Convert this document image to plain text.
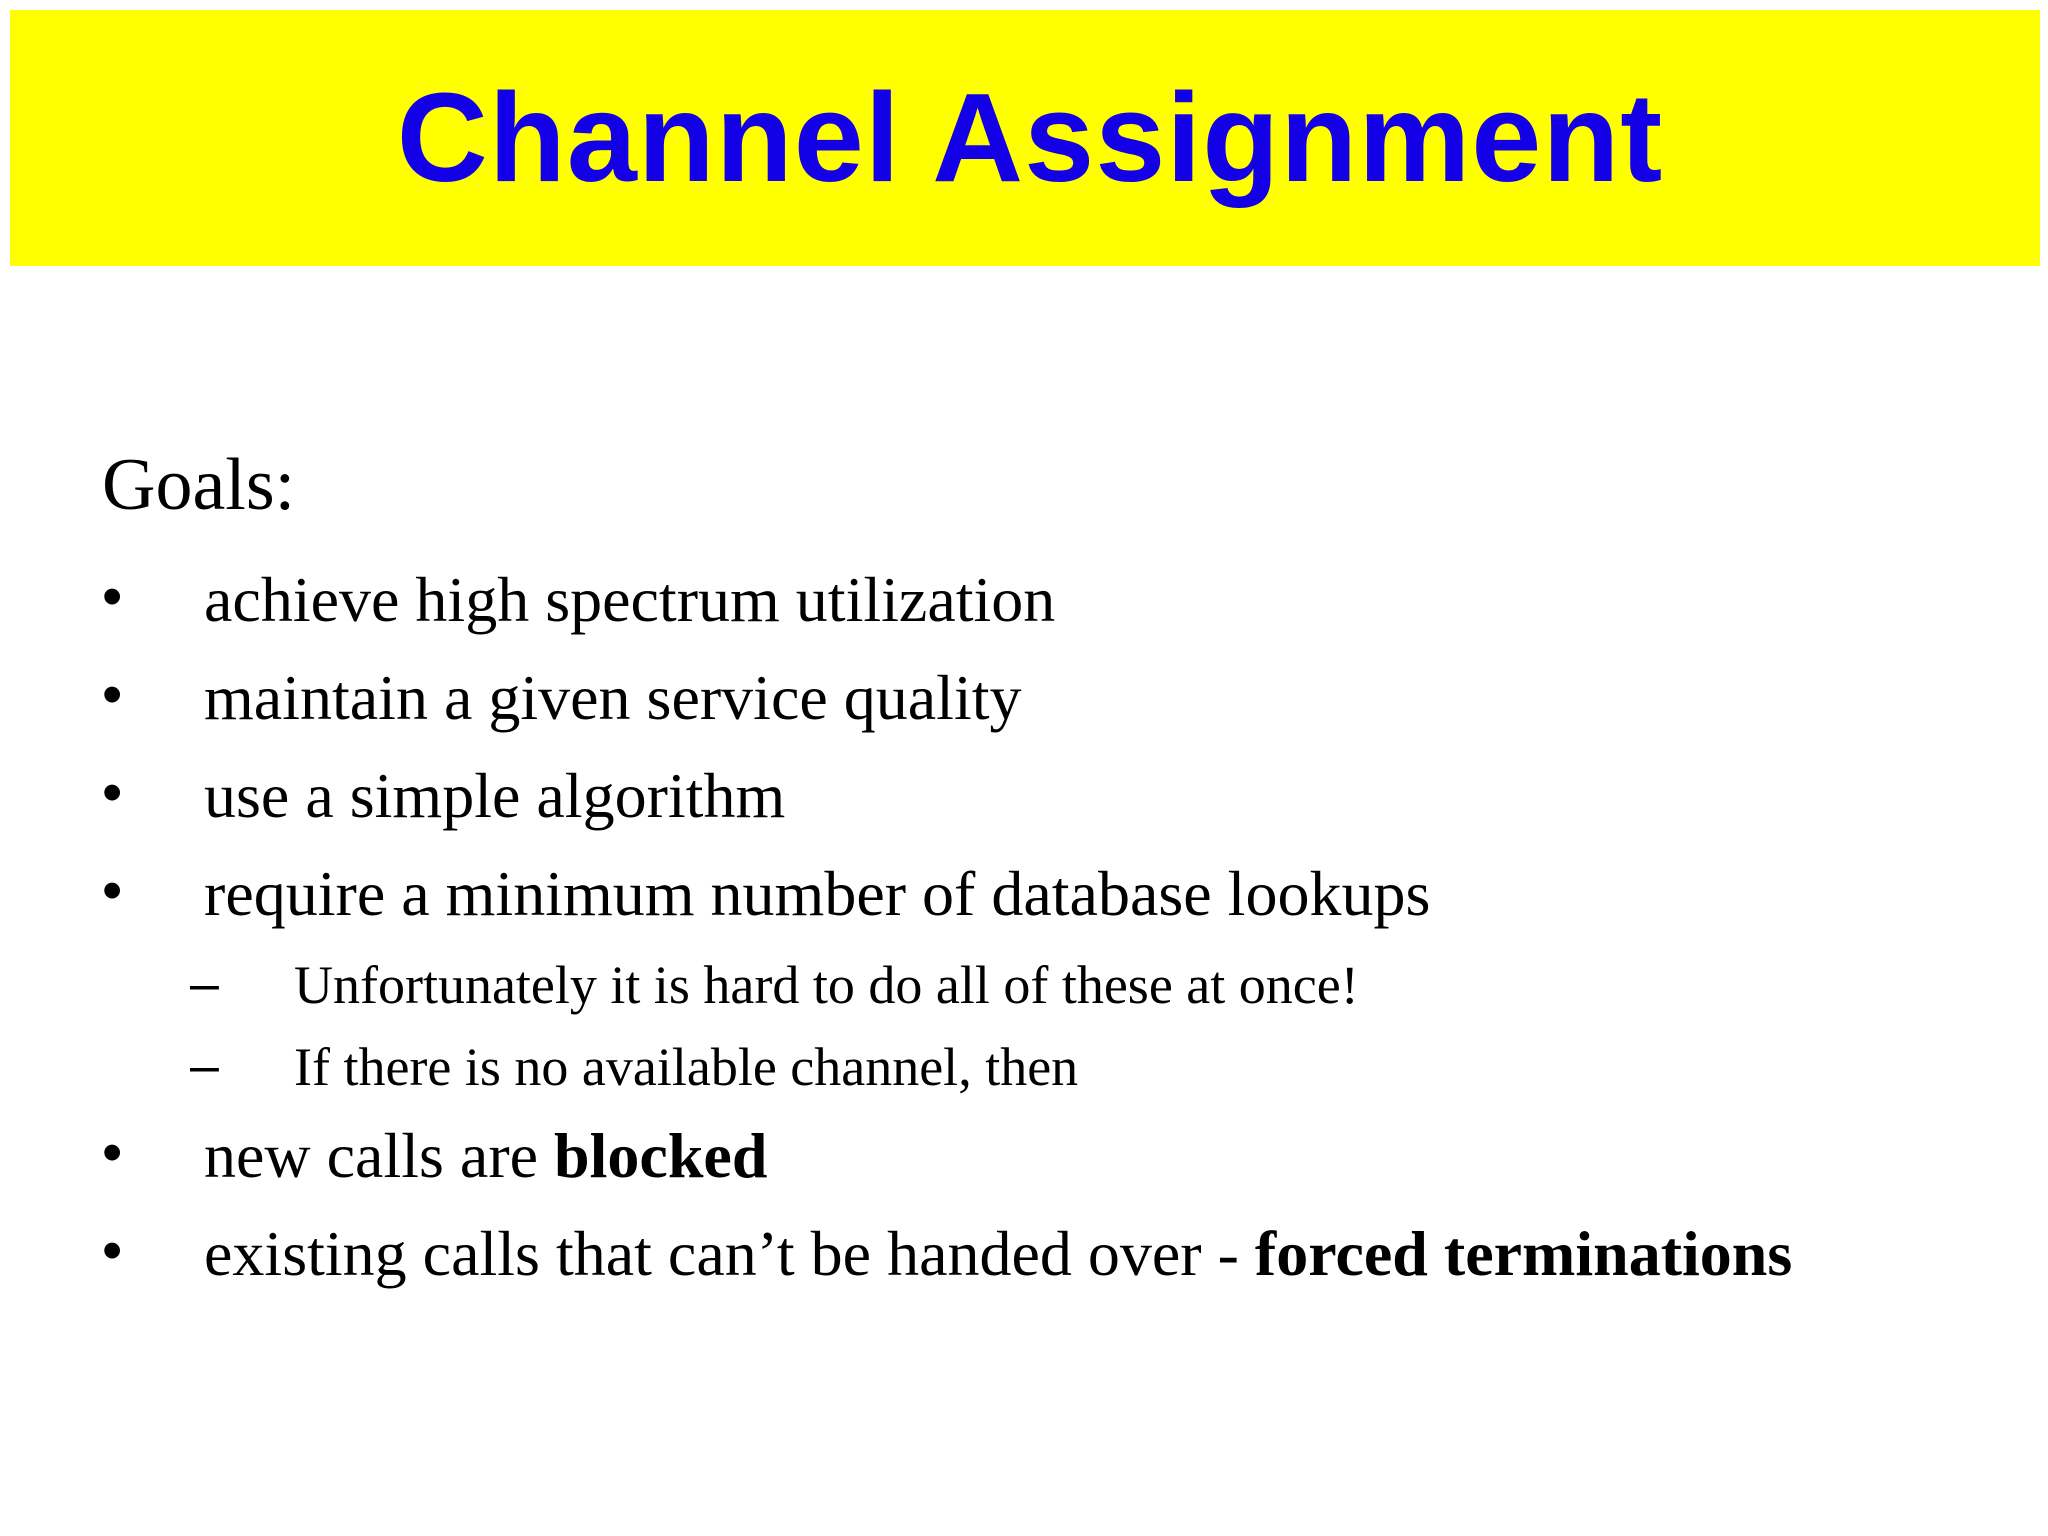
Channel Assignment
Goals:
• achieve high spectrum utilization
• maintain a given service quality
• use a simple algorithm
• require a minimum number of database lookups
– Unfortunately it is hard to do all of these at once!
– If there is no available channel, then
• new calls are blocked
• existing calls that can’t be handed over - forced terminations
